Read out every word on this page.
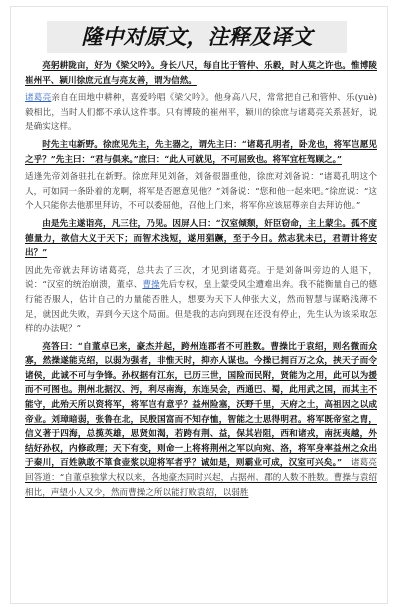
隆中对原文，注释及译文

亮躬耕陇亩，好为《梁父吟》。身长八尺，每自比于管仲、乐毅，时人莫之许也。惟博陵崔州平、颍川徐庶元直与亮友善，谓为信然。

诸葛亮亲自在田地中耕种，喜爱吟唱《梁父吟》。他身高八尺，常常把自己和管仲、乐(yuè)毅相比，当时人们都不承认这件事。只有博陵的崔州平，颍川的徐庶与诸葛亮关系甚好，说是确实这样。

时先主屯新野。徐庶见先主，先主器之，谓先主曰：“诸葛孔明者，卧龙也，将军岂愿见之乎？”先主曰：“君与俱来。”庶曰：“此人可就见，不可屈致也。将军宜枉驾顾之。”

适逢先帝刘备驻扎在新野。徐庶拜见刘备，刘备很器重他，徐庶对刘备说：“诸葛孔明这个人，可如同一条卧着的龙啊，将军是否愿意见他？”刘备说：“您和他一起来吧。”徐庶说：“这个人只能你去他那里拜访，不可以委屈他，召他上门来，将军你应该屈尊亲自去拜访他。”

由是先主遂诣亮，凡三往，乃见。因屏人曰：“汉室倾颓，奸臣窃命，主上蒙尘。孤不度德量力，欲信大义于天下；而智术浅短，遂用猖蹶，至于今日。然志犹未已，君谓计将安出？”

因此先帝就去拜访诸葛亮，总共去了三次，才见到诸葛亮。于是刘备叫旁边的人退下，说：“汉室的统治崩溃，董卓、曹操先后专权，皇上蒙受风尘遭难出奔。我不能衡量自己的德行能否服人，估计自己的力量能否胜人，想要为天下人伸张大义，然而智慧与谋略浅薄不足，就因此失败，弄到今天这个局面。但是我的志向到现在还没有停止，先生认为该采取怎样的办法呢？”

亮答曰：“自董卓已来，豪杰并起，跨州连郡者不可胜数。曹操比于袁绍，则名微而众寡，然操遂能克绍，以弱为强者，非惟天时，抑亦人谋也。今操已拥百万之众，挟天子而令诸侯，此诚不可与争锋。孙权据有江东，已历三世，国险而民附，贤能为之用，此可以为援而不可图也。荆州北据汉、沔，利尽南海，东连吴会，西通巴、蜀，此用武之国，而其主不能守，此殆天所以资将军，将军岂有意乎？益州险塞，沃野千里，天府之土，高祖因之以成帝业。刘璋暗弱，张鲁在北，民殷国富而不知存恤，智能之士思得明君。将军既帝室之胄，信义著于四海，总揽英雄，思贤如渴，若跨有荆、益，保其岩阻，西和诸戎，南抚夷越，外结好孙权，内修政理；天下有变，则命一上将将荆州之军以向宛、洛，将军身率益州之众出于秦川，百姓孰敢不箪食壶浆以迎将军者乎？诚如是，则霸业可成，汉室可兴矣。” 诸葛亮回答道：“自董卓独掌大权以来，各地豪杰同时兴起，占据州、郡的人数不胜数。曹操与袁绍相比，声望小人又少，然而曹操之所以能打败袁绍，以弱胜
